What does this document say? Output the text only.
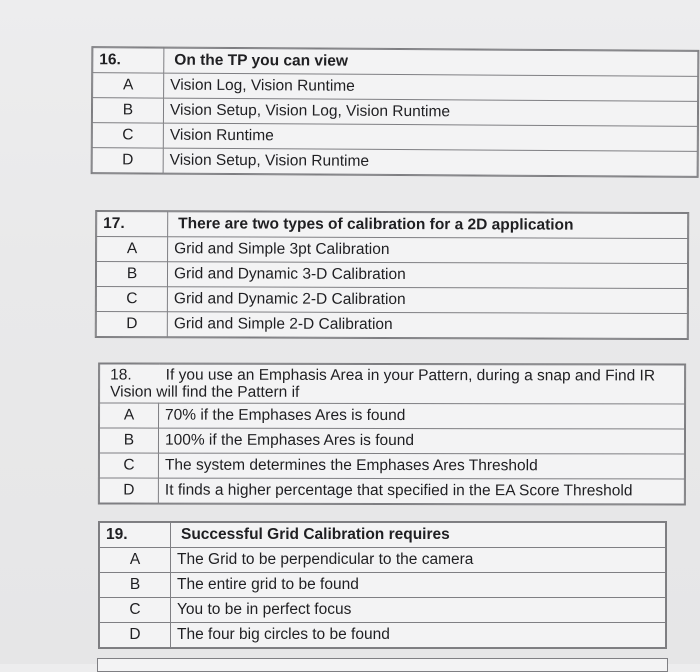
16.	On the TP you can view
A	Vision Log, Vision Runtime
B	Vision Setup, Vision Log, Vision Runtime
C	Vision Runtime
D	Vision Setup, Vision Runtime
17.	There are two types of calibration for a 2D application
A	Grid and Simple 3pt Calibration
B	Grid and Dynamic 3-D Calibration
C	Grid and Dynamic 2-D Calibration
D	Grid and Simple 2-D Calibration
18. If you use an Emphasis Area in your Pattern, during a snap and Find IR Vision will find the Pattern if	
A	70% if the Emphases Ares is found
B	100% if the Emphases Ares is found
C	The system determines the Emphases Ares Threshold
D	It finds a higher percentage that specified in the EA Score Threshold
19.	Successful Grid Calibration requires
A	The Grid to be perpendicular to the camera
B	The entire grid to be found
C	You to be in perfect focus
D	The four big circles to be found
